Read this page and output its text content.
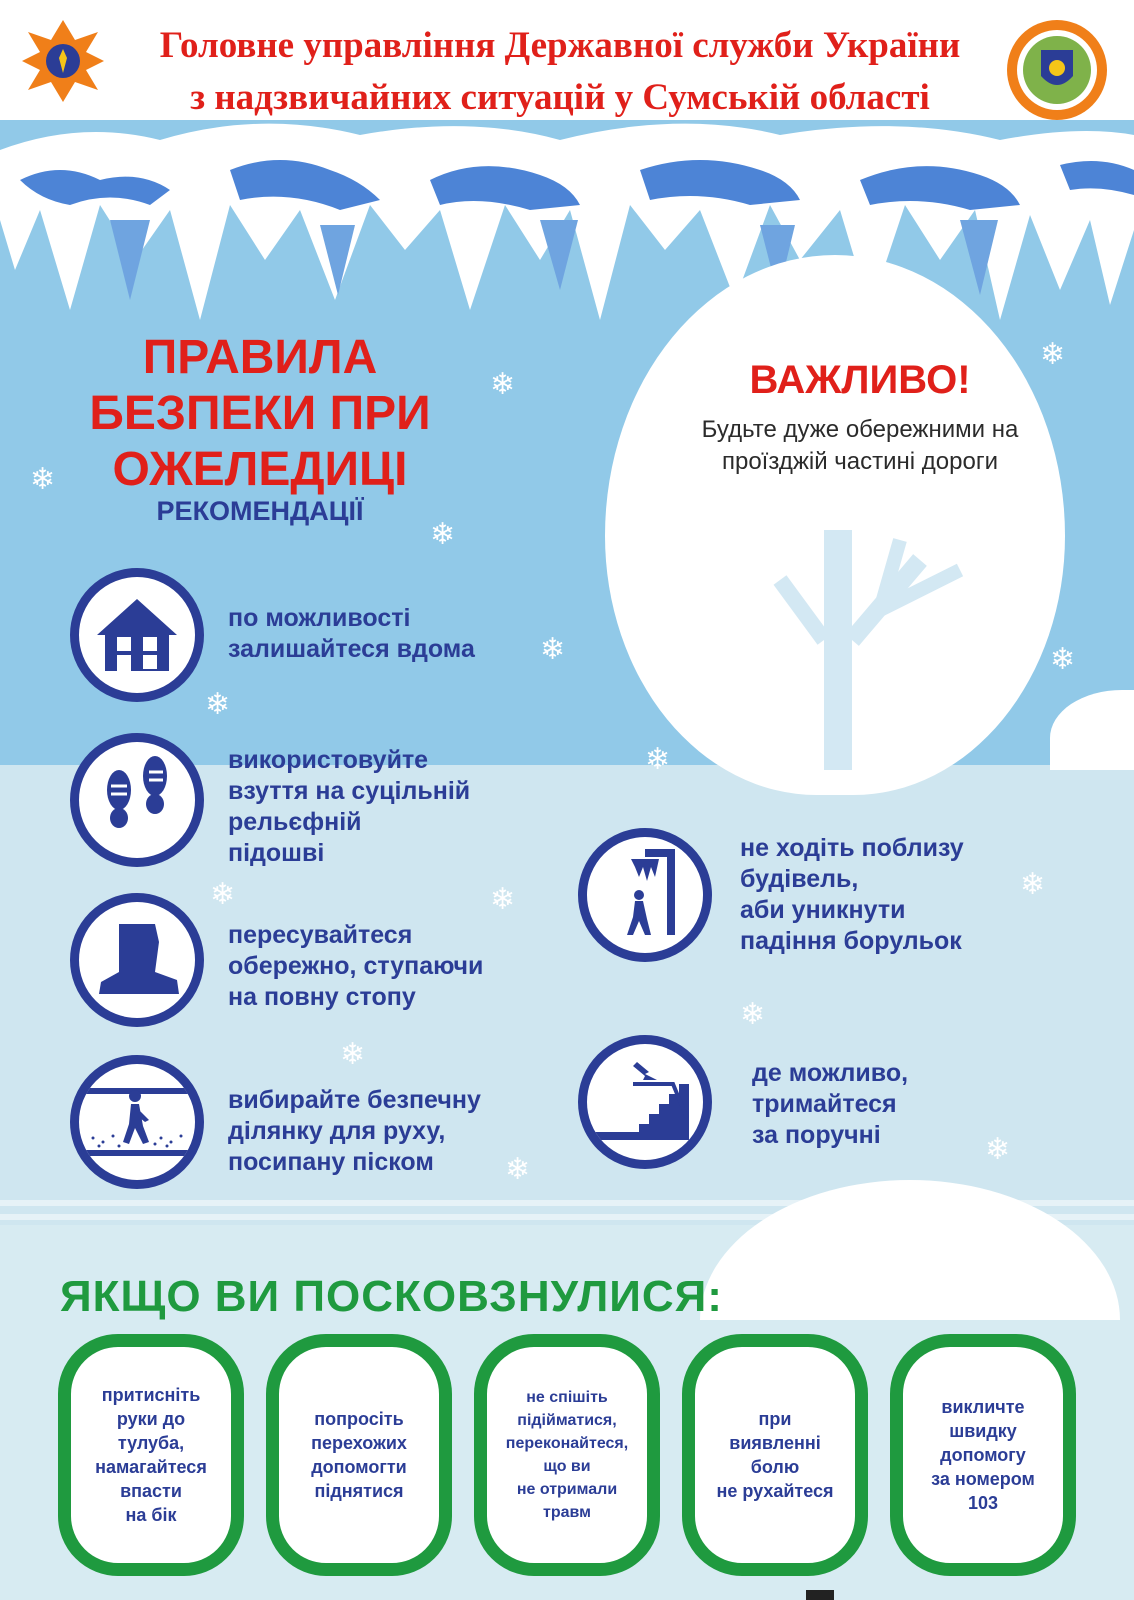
Головне управління Державної служби України
з надзвичайних ситуацій у Сумській області
❄
❄
❄
❄
❄
❄
❄
❄
❄	❄	❄
❄
❄
❄
❄
ПРАВИЛА
БЕЗПЕКИ ПРИ
ОЖЕЛЕДИЦІ
РЕКОМЕНДАЦІЇ
ВАЖЛИВО!
Будьте дуже обережними на проїзджій частині дороги
по можливості
залишайтеся вдома
використовуйте
взуття на суцільній
рельєфній
підошві
пересувайтеся
обережно, ступаючи
на повну стопу
вибирайте безпечну
ділянку для руху,
посипану піском
не ходіть поблизу
будівель,
аби уникнути
падіння борульок
де можливо,
тримайтеся
за поручні
ЯКЩО ВИ ПОСКОВЗНУЛИСЯ:
притисніть
руки до
тулуба,
намагайтеся
впасти
на бік
попросіть
перехожих
допомогти
піднятися
не спішіть
підійматися,
переконайтеся,
що ви
не отримали
травм
при
виявленні
болю
не рухайтеся
викличте
швидку
допомогу
за номером
103
